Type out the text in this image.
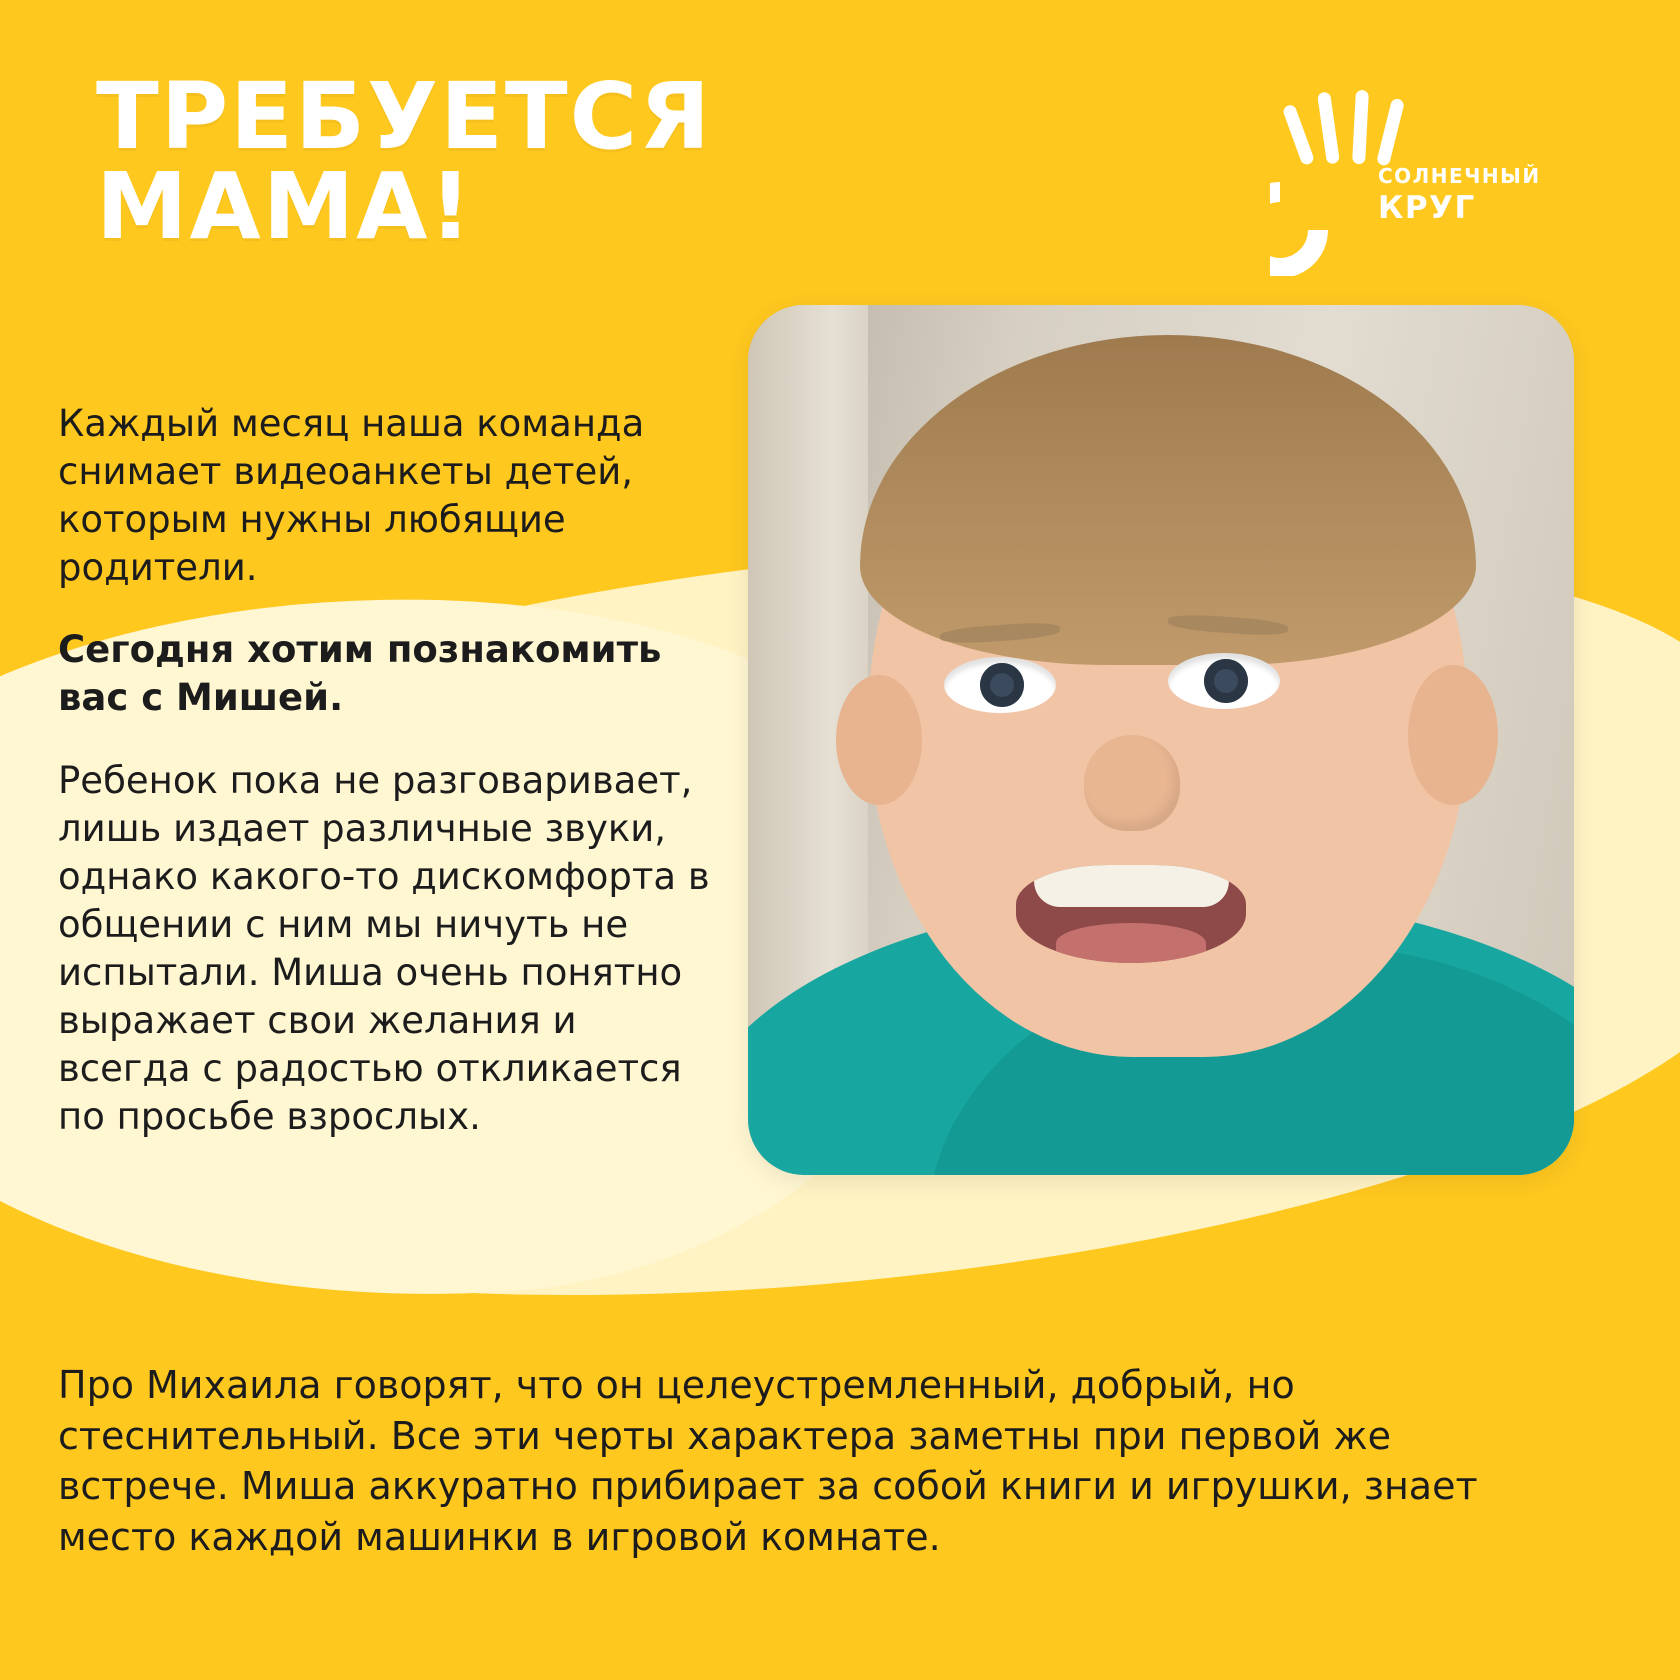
ТРЕБУЕТСЯ
МАМА!	СОЛНЕЧНЫЙ
КРУГ

Каждый месяц наша команда снимает видеоанкеты детей, которым нужны любящие родители.

Сегодня хотим познакомить вас с Мишей.

Ребенок пока не разговаривает, лишь издает различные звуки, однако какого-то дискомфорта в общении с ним мы ничуть не испытали. Миша очень понятно выражает свои желания и всегда с радостью откликается по просьбе взрослых.

Про Михаила говорят, что он целеустремленный, добрый, но стеснительный. Все эти черты характера заметны при первой же встрече. Миша аккуратно прибирает за собой книги и игрушки, знает место каждой машинки в игровой комнате.
